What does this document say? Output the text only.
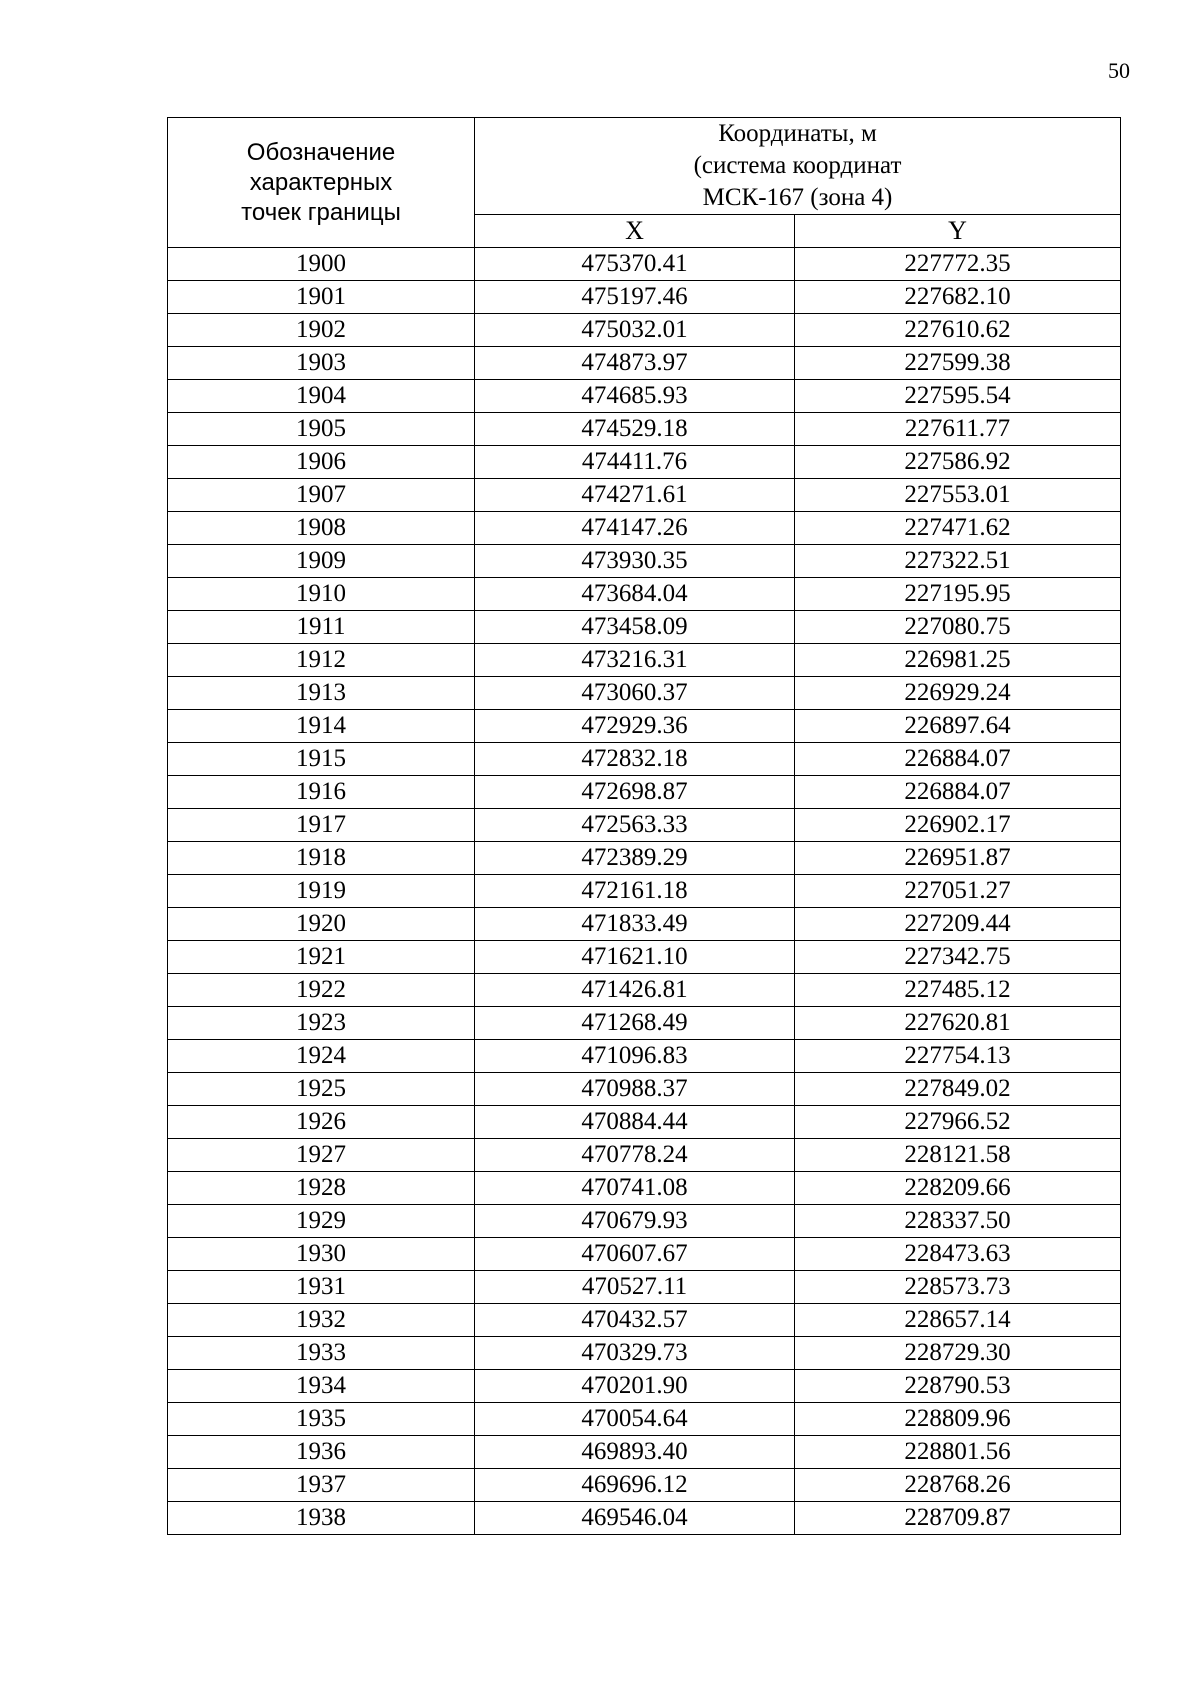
50
Обозначение
характерных
точек границы	Координаты, м
(система координат
МСК-167 (зона 4)	

	X	Y
1900	475370.41	227772.35
1901	475197.46	227682.10
1902	475032.01	227610.62
1903	474873.97	227599.38
1904	474685.93	227595.54
1905	474529.18	227611.77
1906	474411.76	227586.92
1907	474271.61	227553.01
1908	474147.26	227471.62
1909	473930.35	227322.51
1910	473684.04	227195.95
1911	473458.09	227080.75
1912	473216.31	226981.25
1913	473060.37	226929.24
1914	472929.36	226897.64
1915	472832.18	226884.07
1916	472698.87	226884.07
1917	472563.33	226902.17
1918	472389.29	226951.87
1919	472161.18	227051.27
1920	471833.49	227209.44
1921	471621.10	227342.75
1922	471426.81	227485.12
1923	471268.49	227620.81
1924	471096.83	227754.13
1925	470988.37	227849.02
1926	470884.44	227966.52
1927	470778.24	228121.58
1928	470741.08	228209.66
1929	470679.93	228337.50
1930	470607.67	228473.63
1931	470527.11	228573.73
1932	470432.57	228657.14
1933	470329.73	228729.30
1934	470201.90	228790.53
1935	470054.64	228809.96
1936	469893.40	228801.56
1937	469696.12	228768.26
1938	469546.04	228709.87
